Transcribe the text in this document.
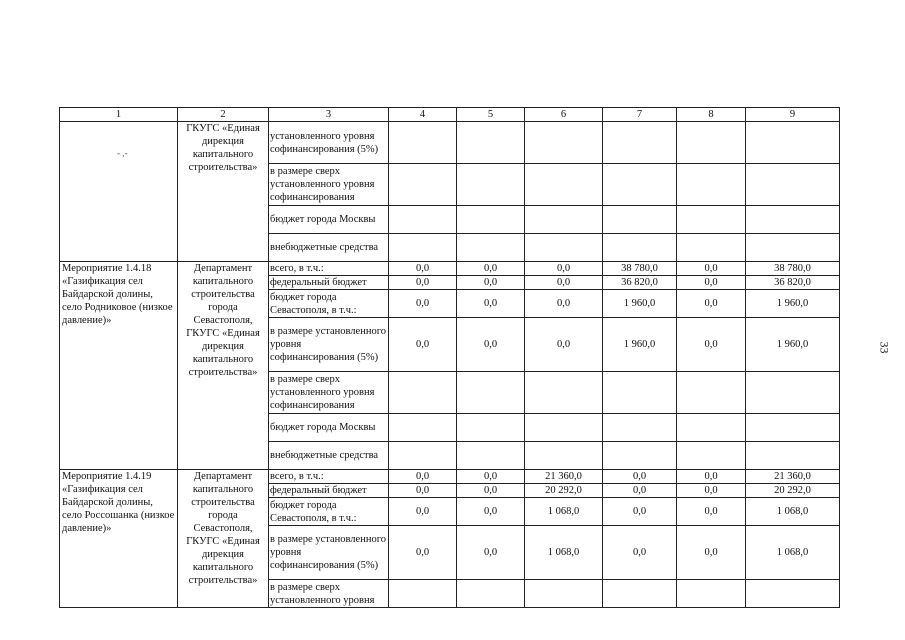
- ,-
1	2	3	4	5	6	7	8	9
	ГКУГС «Единая дирекция капитального строительства»	установленного уровня софинансирования (5%)						
		в размере сверх установленного уровня софинансирования						
		бюджет города Москвы						
		внебюджетные средства						
Мероприятие 1.4.18 «Газификация сел Байдарской долины, село Родниковое (низкое давление)»	Департамент капитального строительства города Севастополя, ГКУГС «Единая дирекция капитального строительства»	всего, в т.ч.:	0,0	0,0	0,0	38 780,0	0,0	38 780,0
		федеральный бюджет	0,0	0,0	0,0	36 820,0	0,0	36 820,0
		бюджет города Севастополя, в т.ч.:	0,0	0,0	0,0	1 960,0	0,0	1 960,0
		в размере установленного уровня софинансирования (5%)	0,0	0,0	0,0	1 960,0	0,0	1 960,0
		в размере сверх установленного уровня софинансирования						
		бюджет города Москвы						
		внебюджетные средства						
Мероприятие 1.4.19 «Газификация сел Байдарской долины, село Россошанка (низкое давление)»	Департамент капитального строительства города Севастополя, ГКУГС «Единая дирекция капитального строительства»	всего, в т.ч.:	0,0	0,0	21 360,0	0,0	0,0	21 360,0
		федеральный бюджет	0,0	0,0	20 292,0	0,0	0,0	20 292,0
		бюджет города Севастополя, в т.ч.:	0,0	0,0	1 068,0	0,0	0,0	1 068,0
		в размере установленного уровня софинансирования (5%)	0,0	0,0	1 068,0	0,0	0,0	1 068,0
		в размере сверх установленного уровня						
33
